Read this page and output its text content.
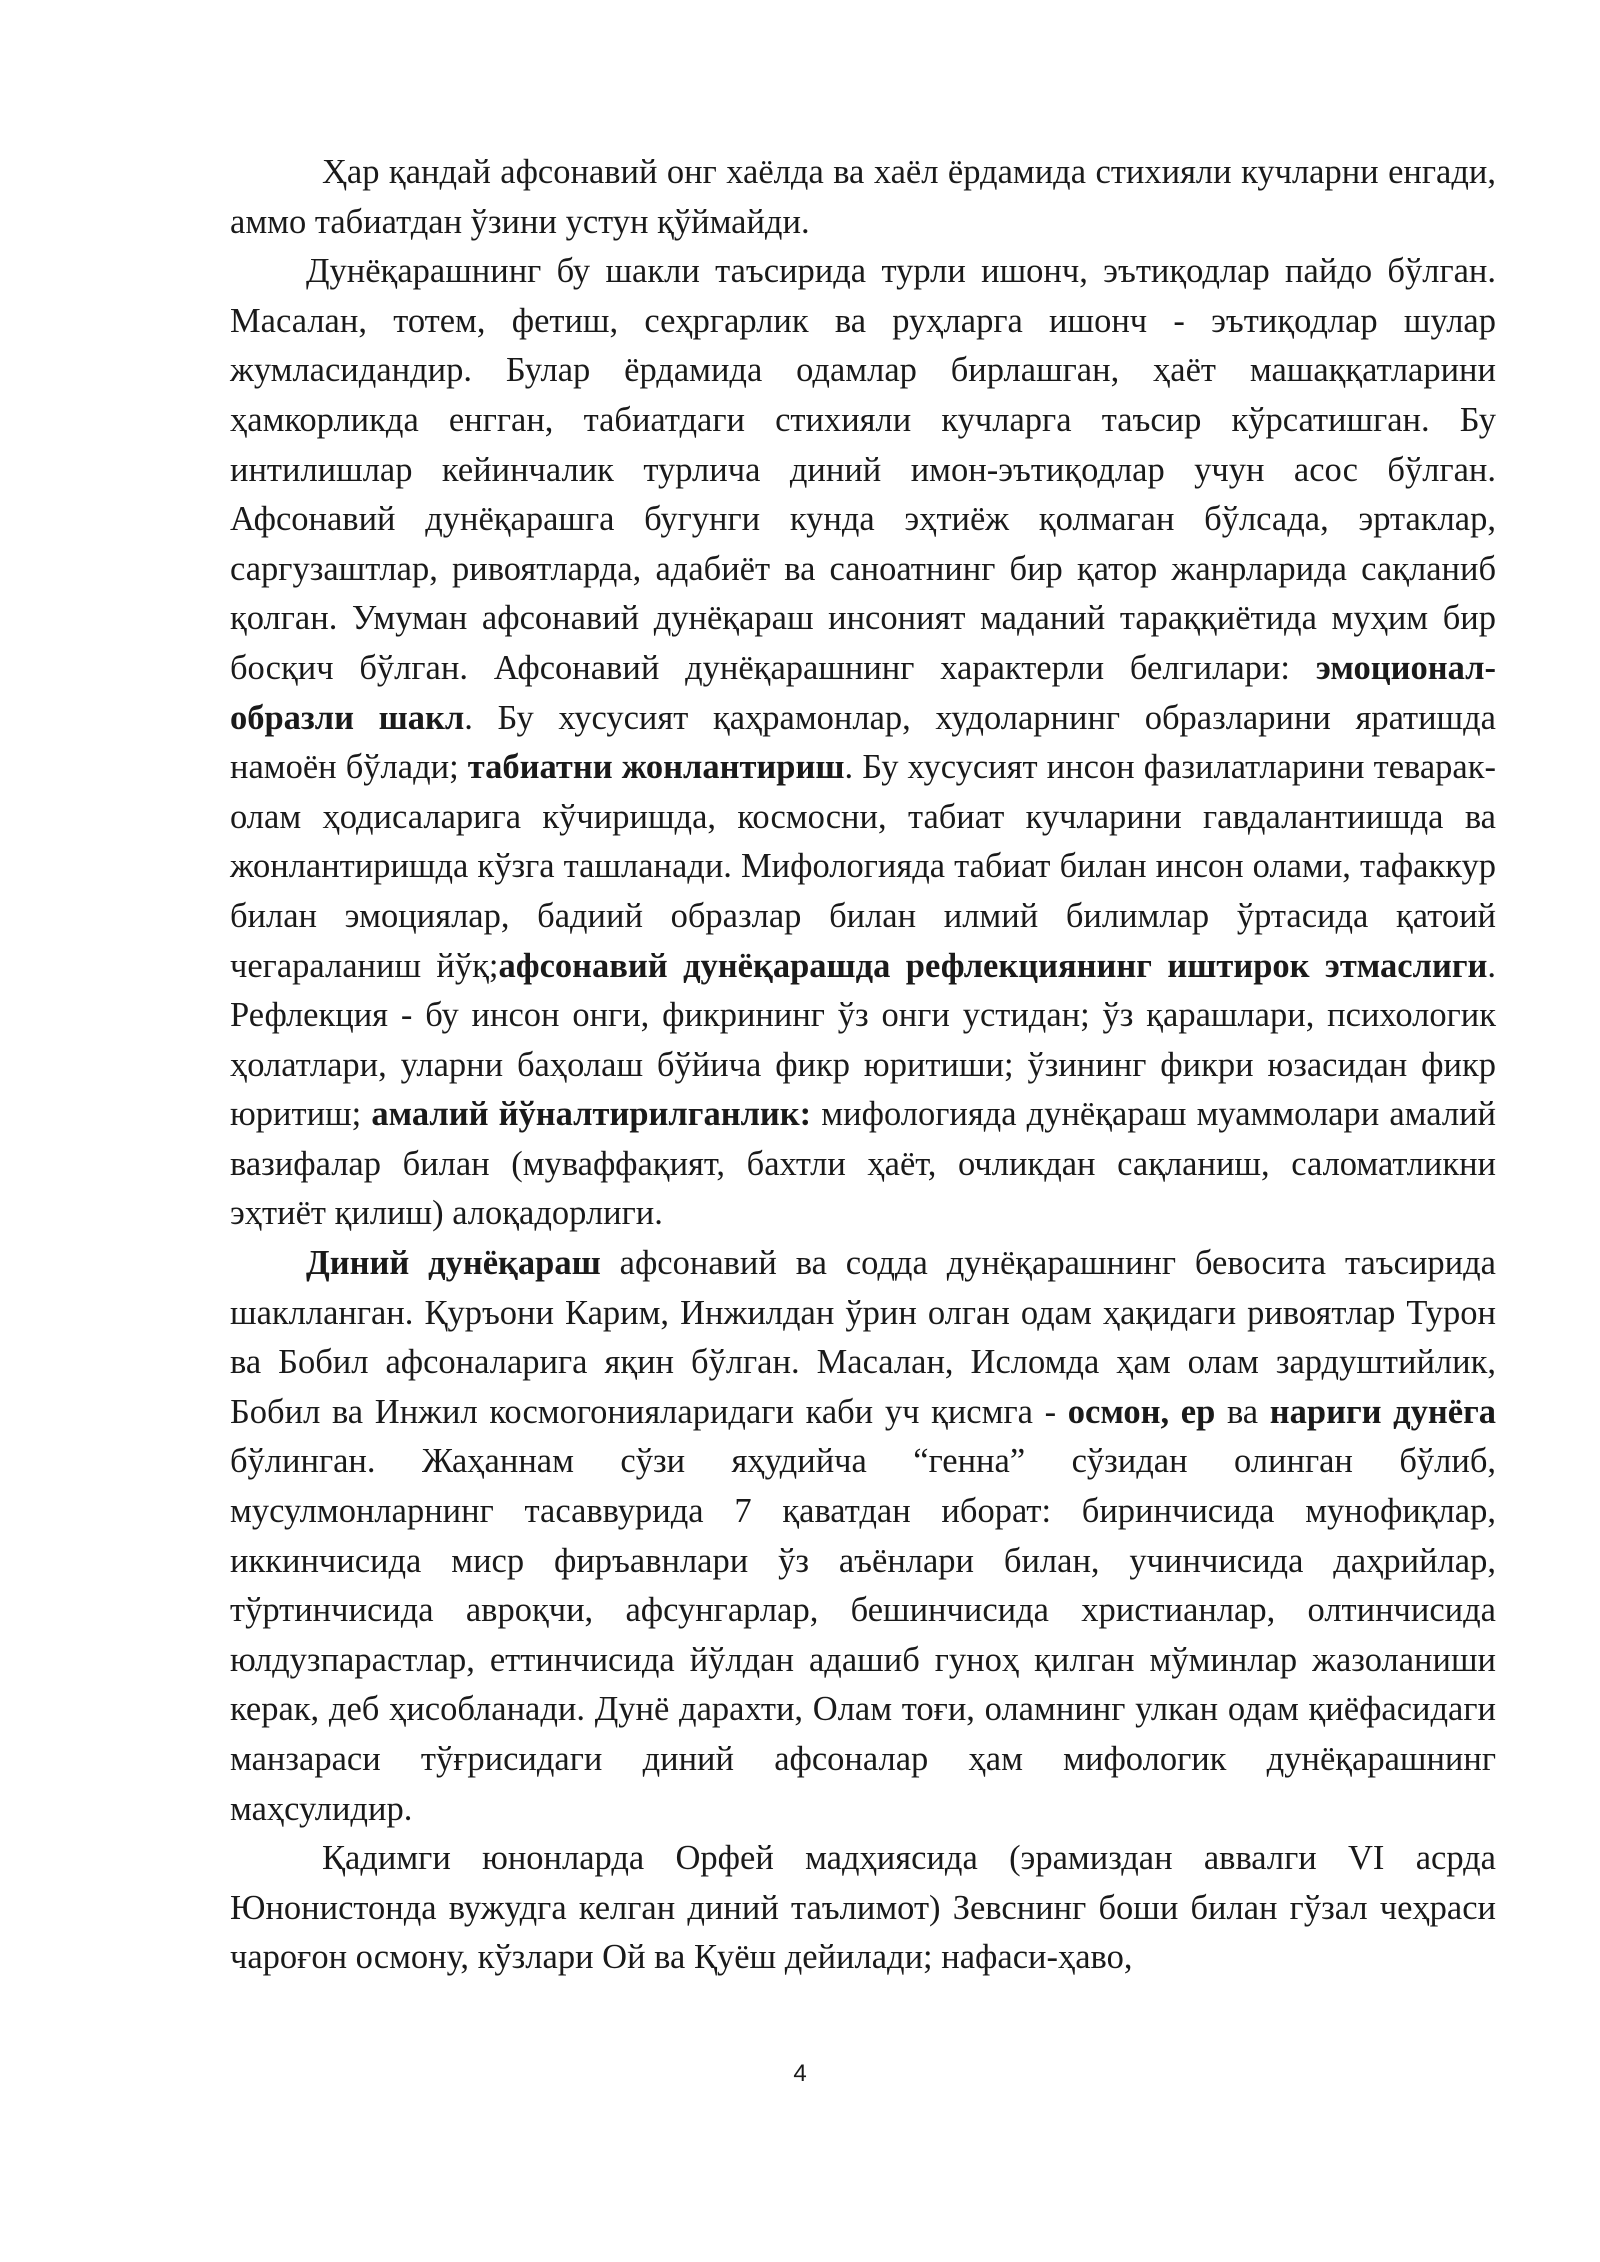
Ҳар қандай афсонавий онг хаёлда ва хаёл ёрдамида стихияли кучларни енгади, аммо табиатдан ўзини устун қўймайди.

Дунёқарашнинг бу шакли таъсирида турли ишонч, эътиқодлар пайдо бўлган. Масалан, тотем, фетиш, сеҳргарлик ва руҳларга ишонч - эътиқодлар шулар жумласидандир. Булар ёрдамида одамлар бирлашган, ҳаёт машаққатларини ҳамкорликда енгган, табиатдаги стихияли кучларга таъсир кўрсатишган. Бу интилишлар кейинчалик турлича диний имон-эътиқодлар учун асос бўлган. Афсонавий дунёқарашга бугунги кунда эҳтиёж қолмаган бўлсада, эртаклар, саргузаштлар, ривоятларда, адабиёт ва саноатнинг бир қатор жанрларида сақланиб қолган. Умуман афсонавий дунёқараш инсоният маданий тараққиётида муҳим бир босқич бўлган. Афсонавий дунёқарашнинг характерли белгилари: эмоционал- образли шакл. Бу хусусият қаҳрамонлар, худоларнинг образларини яратишда намоён бўлади; табиатни жонлантириш. Бу хусусият инсон фазилатларини теварак-олам ҳодисаларига кўчиришда, космосни, табиат кучларини гавдалантиишда ва жонлантиришда кўзга ташланади. Мифологияда табиат билан инсон олами, тафаккур билан эмоциялар, бадиий образлар билан илмий билимлар ўртасида қатоий чегараланиш йўқ;афсонавий дунёқарашда рефлекциянинг иштирок этмаслиги. Рефлекция - бу инсон онги, фикрининг ўз онги устидан; ўз қарашлари, психологик ҳолатлари, уларни баҳолаш бўйича фикр юритиши; ўзининг фикри юзасидан фикр юритиш; амалий йўналтирилганлик: мифологияда дунёқараш муаммолари амалий вазифалар билан (муваффақият, бахтли ҳаёт, очликдан сақланиш, саломатликни эҳтиёт қилиш) алоқадорлиги.

Диний дунёқараш афсонавий ва содда дунёқарашнинг бевосита таъсирида шаклланган. Қуръони Карим, Инжилдан ўрин олган одам ҳақидаги ривоятлар Турон ва Бобил афсоналарига яқин бўлган. Масалан, Исломда ҳам олам зардуштийлик, Бобил ва Инжил космогонияларидаги каби уч қисмга - осмон, ер ва нариги дунёга бўлинган. Жаҳаннам сўзи яҳудийча “генна” сўзидан олинган бўлиб, мусулмонларнинг тасаввурида 7 қаватдан иборат: биринчисида мунофиқлар, иккинчисида миср фиръавнлари ўз аъёнлари билан, учинчисида даҳрийлар, тўртинчисида авроқчи, афсунгарлар, бешинчисида христианлар, олтинчисида юлдузпарастлар, еттинчисида йўлдан адашиб гуноҳ қилган мўминлар жазоланиши керак, деб ҳисобланади. Дунё дарахти, Олам тоғи, оламнинг улкан одам қиёфасидаги манзараси тўғрисидаги диний афсоналар ҳам мифологик дунёқарашнинг маҳсулидир.

Қадимги юнонларда Орфей мадҳиясида (эрамиздан аввалги VI асрда Юнонистонда вужудга келган диний таълимот) Зевснинг боши билан гўзал чеҳраси чароғон осмону, кўзлари Ой ва Қуёш дейилади; нафаси-ҳаво,

4
